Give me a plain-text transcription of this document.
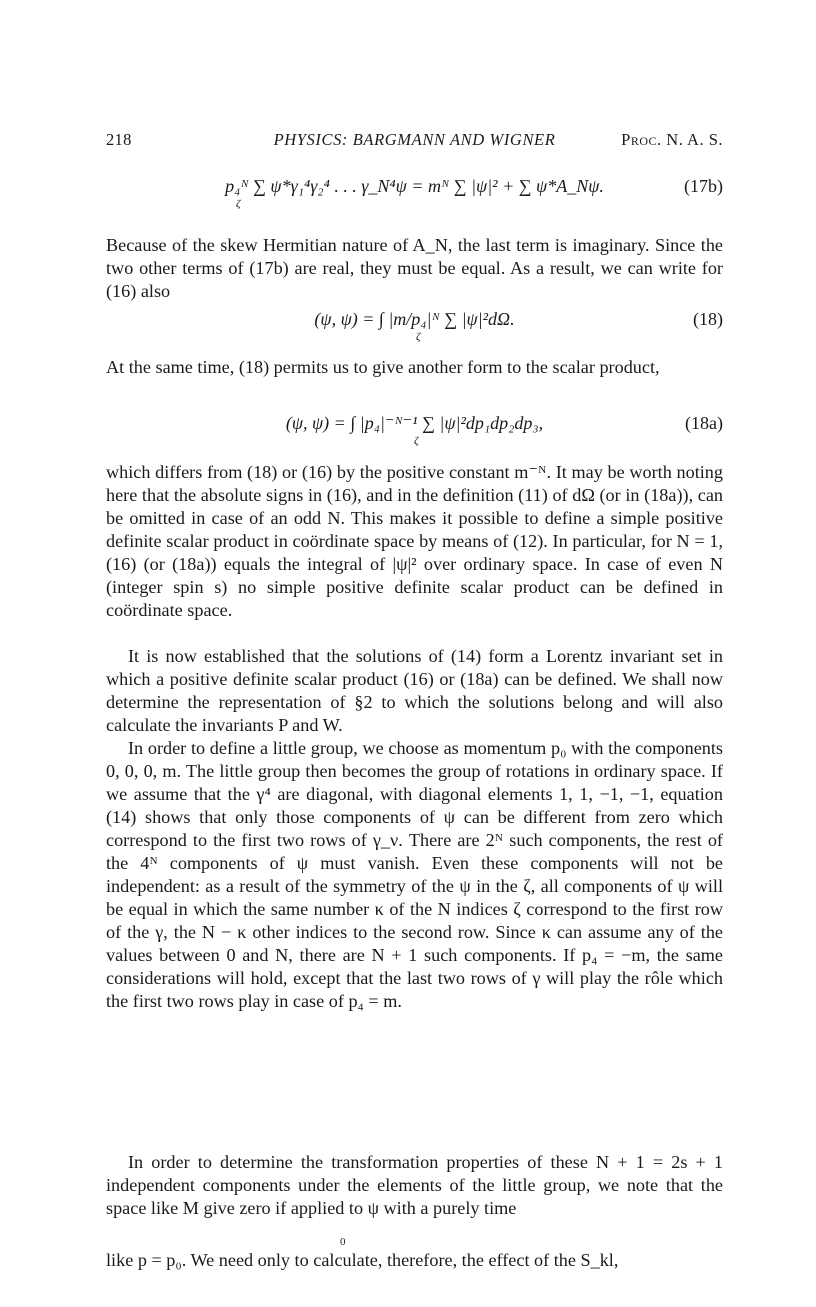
218	PHYSICS: BARGMANN AND WIGNER	Proc. N. A. S.
p₄ᴺ ∑ ψ*γ₁⁴γ₂⁴ . . . γ_N⁴ψ = mᴺ ∑ |ψ|² + ∑ ψ*A_Nψ.
ζ
(17b)

Because of the skew Hermitian nature of A_N, the last term is imaginary. Since the two other terms of (17b) are real, they must be equal. As a result, we can write for (16) also

(ψ, ψ) = ∫ |m/p₄|ᴺ ∑ |ψ|²dΩ.
ζ
(18)

At the same time, (18) permits us to give another form to the scalar product,

(ψ, ψ) = ∫ |p₄|⁻ᴺ⁻¹ ∑ |ψ|²dp₁dp₂dp₃,
ζ
(18a)

which differs from (18) or (16) by the positive constant m⁻ᴺ. It may be worth noting here that the absolute signs in (16), and in the definition (11) of dΩ (or in (18a)), can be omitted in case of an odd N. This makes it possible to define a simple positive definite scalar product in coördinate space by means of (12). In particular, for N = 1, (16) (or (18a)) equals the integral of |ψ|² over ordinary space. In case of even N (integer spin s) no simple positive definite scalar product can be defined in coördinate space.

It is now established that the solutions of (14) form a Lorentz invariant set in which a positive definite scalar product (16) or (18a) can be defined. We shall now determine the representation of §2 to which the solutions belong and will also calculate the invariants P and W.

In order to define a little group, we choose as momentum p₀ with the components 0, 0, 0, m. The little group then becomes the group of rotations in ordinary space. If we assume that the γ⁴ are diagonal, with diagonal elements 1, 1, −1, −1, equation (14) shows that only those components of ψ can be different from zero which correspond to the first two rows of γ_ν. There are 2ᴺ such components, the rest of the 4ᴺ components of ψ must vanish. Even these components will not be independent: as a result of the symmetry of the ψ in the ζ, all components of ψ will be equal in which the same number κ of the N indices ζ correspond to the first row of the γ, the N − κ other indices to the second row. Since κ can assume any of the values between 0 and N, there are N + 1 such components. If p₄ = −m, the same considerations will hold, except that the last two rows of γ will play the rôle which the first two rows play in case of p₄ = m.

In order to determine the transformation properties of these N + 1 = 2s + 1 independent components under the elements of the little group, we note that the space like M give zero if applied to ψ with a purely time

0

like p = p₀. We need only to calculate, therefore, the effect of the S_kl,
